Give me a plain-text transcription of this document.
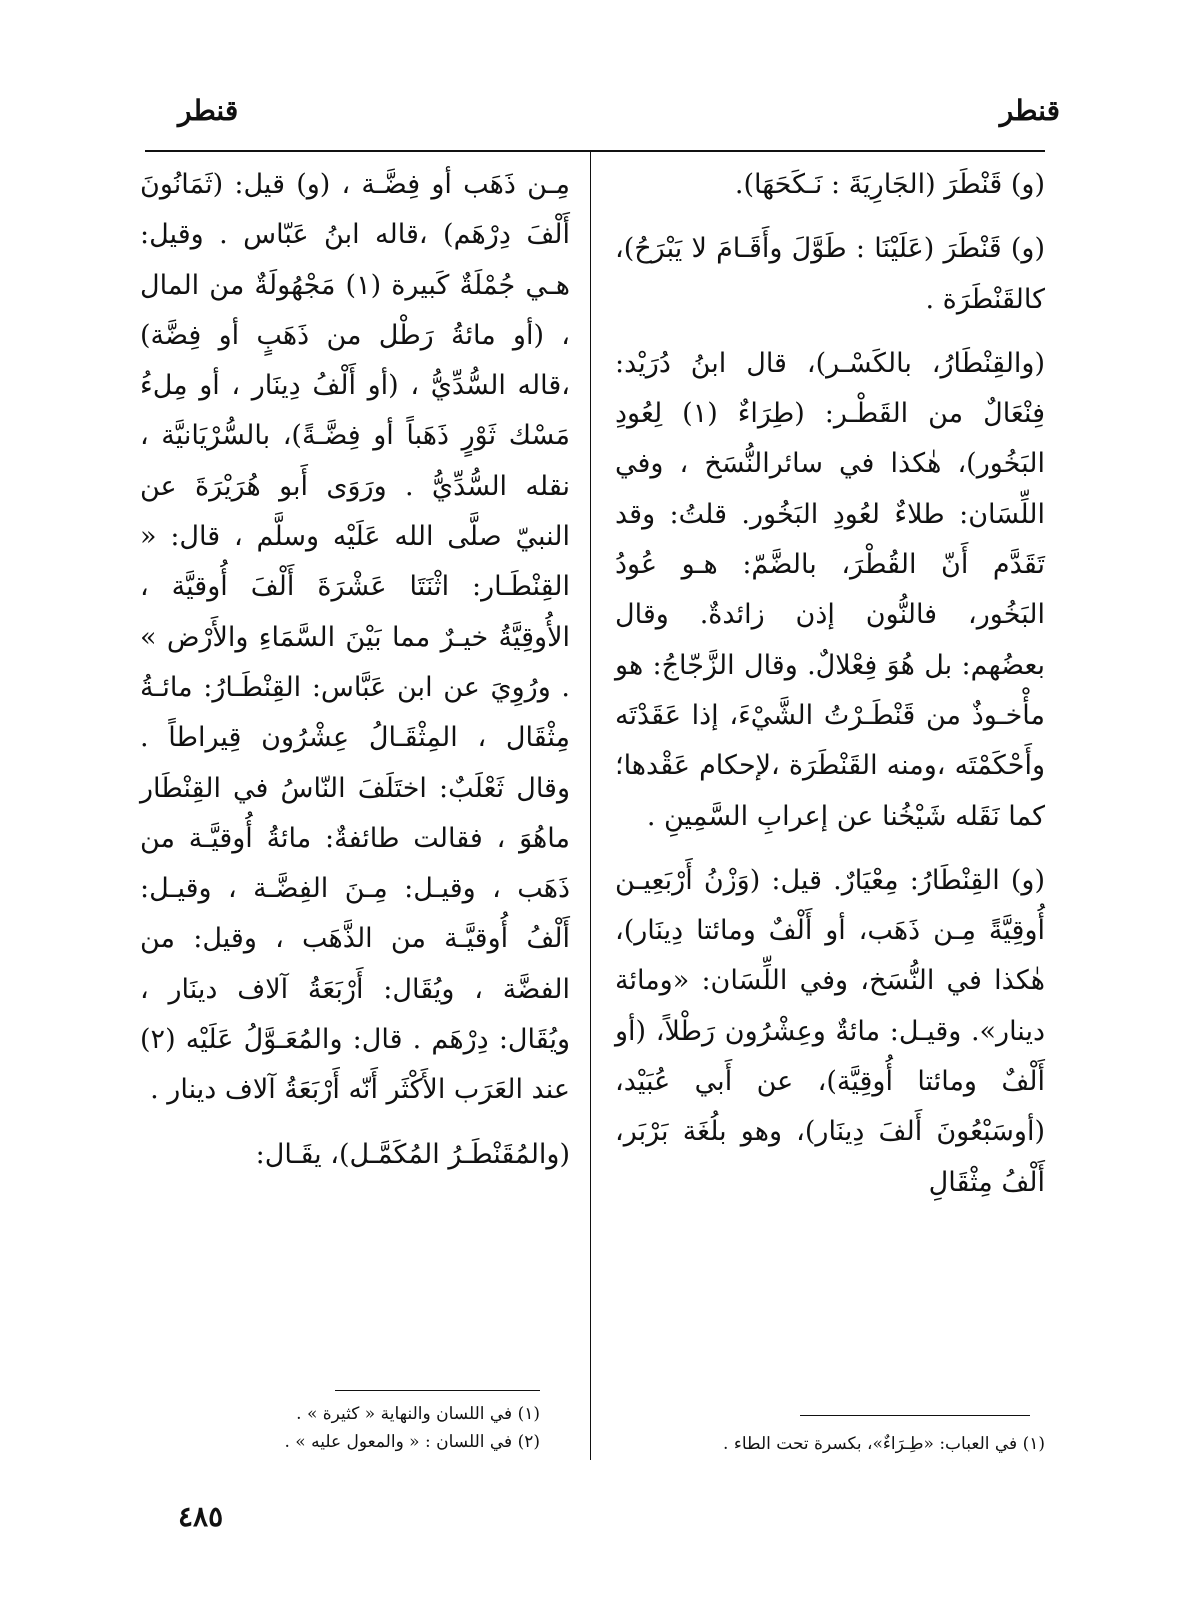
قنطر
قنطر

(و) قَنْطَرَ (الجَارِيَةَ : نَـكَحَهَا).

(و) قَنْطَرَ (عَلَيْنَا : طَوَّلَ وأَقَـامَ لا يَبْرَحُ)، كالقَنْطَرَة .

(والقِنْطَارُ، بالكَسْـر)، قال ابنُ دُرَيْد: فِنْعَالٌ من القَطْـر: (طِرَاءٌ (١) لِعُودِ البَخُور)، هٰكذا في سائرالنُّسَخ ، وفي اللِّسَان: طلاءٌ لعُودِ البَخُور. قلتُ: وقد تَقَدَّم أَنّ القُطْرَ، بالضَّمّ: هـو عُودُ البَخُور، فالنُّون إذن زائدةٌ. وقال بعضُهم: بل هُوَ فِعْلالٌ. وقال الزَّجّاجُ: هو مأْخـوذٌ من قَنْطَـرْتُ الشَّيْءَ، إذا عَقَدْتَه وأَحْكَمْتَه ،ومنه القَنْطَرَة ،لإحكام عَقْدها؛ كما نَقَله شَيْخُنا عن إعرابِ السَّمِينِ .

(و) القِنْطَارُ: مِعْيَارٌ. قيل: (وَزْنُ أَرْبَعِيـن أُوقِيَّةً مِـن ذَهَب، أو أَلْفٌ ومائتا دِينَار)، هٰكذا في النُّسَخ، وفي اللِّسَان: «ومائة دينار». وقيـل: مائةٌ وعِشْرُون رَطْلاً، (أو أَلْفٌ ومائتا أُوقِيَّة)، عن أَبي عُبَيْد، (أوسَبْعُونَ أَلفَ دِينَار)، وهو بلُغَة بَرْبَر، أَلْفُ مِثْقَالِ

مِـن ذَهَب أو فِضَّـة ، (و) قيل: (ثَمَانُونَ أَلْفَ دِرْهَم) ،قاله ابنُ عَبّاس . وقيل: هـي جُمْلَةٌ كَبيرة (١) مَجْهُولَةٌ من المال ، (أو مائةُ رَطْل من ذَهَبٍ أو فِضَّة) ،قاله السُّدِّيُّ ، (أو أَلْفُ دِينَار ، أو مِلءُ مَسْك ثَوْرٍ ذَهَباً أو فِضَّـةً)، بالسُّرْيَانيَّة ، نقله السُّدِّيُّ . ورَوَى أَبو هُرَيْرَةَ عن النبيّ صلَّى الله عَلَيْه وسلَّم ، قال: « القِنْطَـار: اثْنَتَا عَشْرَةَ أَلْفَ أُوقيَّة ، الأُوقِيَّةُ خيـرٌ مما بَيْنَ السَّمَاءِ والأَرْض » . ورُوِيَ عن ابن عَبَّاس: القِنْطَـارُ: مائـةُ مِثْقَال ، المِثْقَـالُ عِشْرُون قِيراطاً . وقال ثَعْلَبٌ: اختَلَفَ النّاسُ في القِنْطَار ماهُوَ ، فقالت طائفةٌ: مائةُ أُوقيَّـة من ذَهَب ، وقيـل: مِـنَ الفِضَّـة ، وقيـل: أَلْفُ أُوقيَّـة من الذَّهَب ، وقيل: من الفضَّة ، ويُقَال: أَرْبَعَةُ آلاف دينَار ، ويُقَال: دِرْهَم . قال: والمُعَـوَّلُ عَلَيْه (٢) عند العَرَب الأَكْثَر أَنّه أَرْبَعَةُ آلاف دينار .

(والمُقَنْطَـرُ المُكَمَّـل)، يقَـال:

(١) في العباب: «طِـرَاءٌ»، بكسرة تحت الطاء .

(١) في اللسان والنهاية « كثيرة » .

(٢) في اللسان : « والمعول عليه » .

٤٨٥
